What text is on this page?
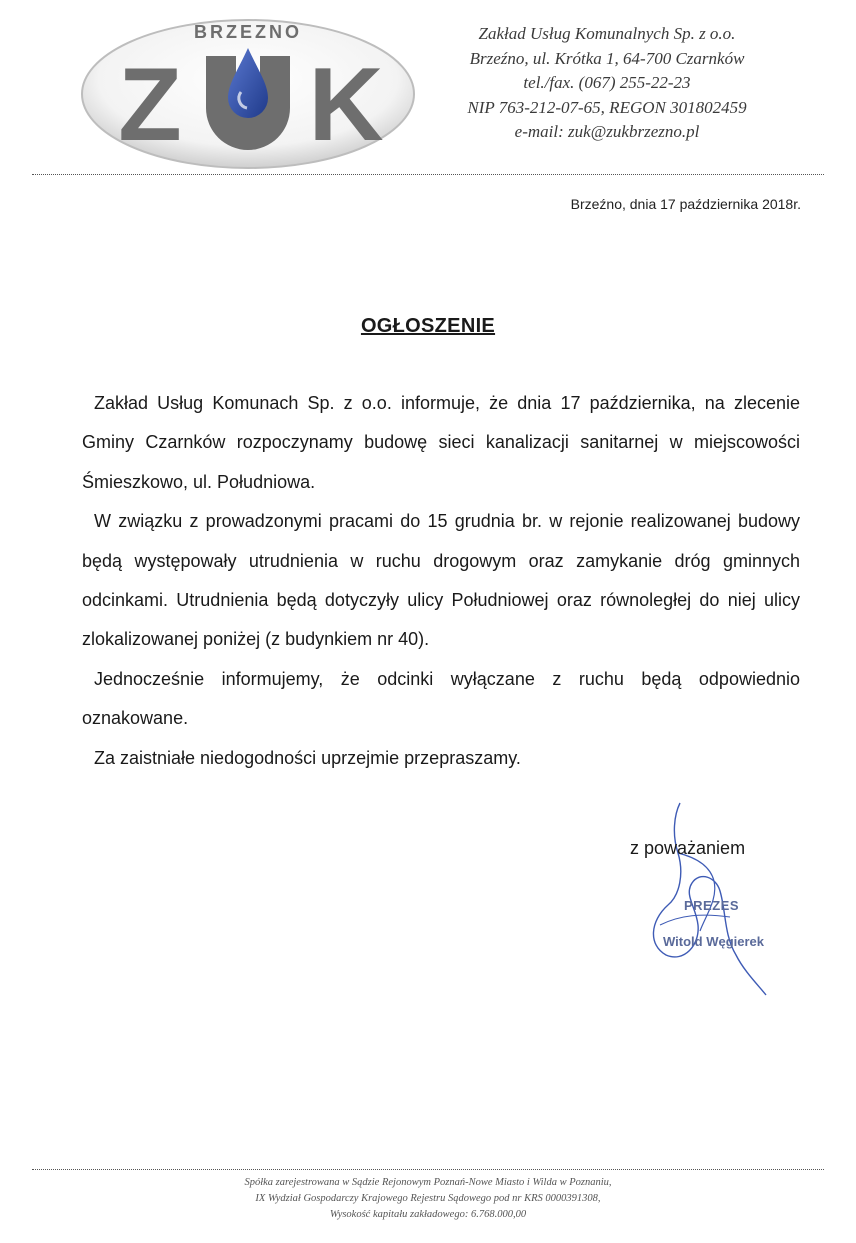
BRZEZNO
Z K
Zakład Usług Komunalnych Sp. z o.o.
Brzeźno, ul. Krótka 1, 64-700 Czarnków
tel./fax. (067) 255-22-23
NIP 763-212-07-65, REGON 301802459
e-mail: zuk@zukbrzezno.pl
Brzeźno, dnia 17 października 2018r.
OGŁOSZENIE

Zakład Usług Komunach Sp. z o.o. informuje, że dnia 17 października, na zlecenie Gminy Czarnków rozpoczynamy budowę sieci kanalizacji sanitarnej w miejscowości Śmieszkowo, ul. Południowa.

W związku z prowadzonymi pracami do 15 grudnia br. w rejonie realizowanej budowy będą występowały utrudnienia w ruchu drogowym oraz zamykanie dróg gminnych odcinkami. Utrudnienia będą dotyczyły ulicy Południowej oraz równoległej do niej ulicy zlokalizowanej poniżej (z budynkiem nr 40).

Jednocześnie informujemy, że odcinki wyłączane z ruchu będą odpowiednio oznakowane.

Za zaistniałe niedogodności uprzejmie przepraszamy.

z poważaniem
PREZES
Witold Węgierek
Spółka zarejestrowana w Sądzie Rejonowym Poznań-Nowe Miasto i Wilda w Poznaniu,
IX Wydział Gospodarczy Krajowego Rejestru Sądowego pod nr KRS 0000391308,
Wysokość kapitału zakładowego: 6.768.000,00
